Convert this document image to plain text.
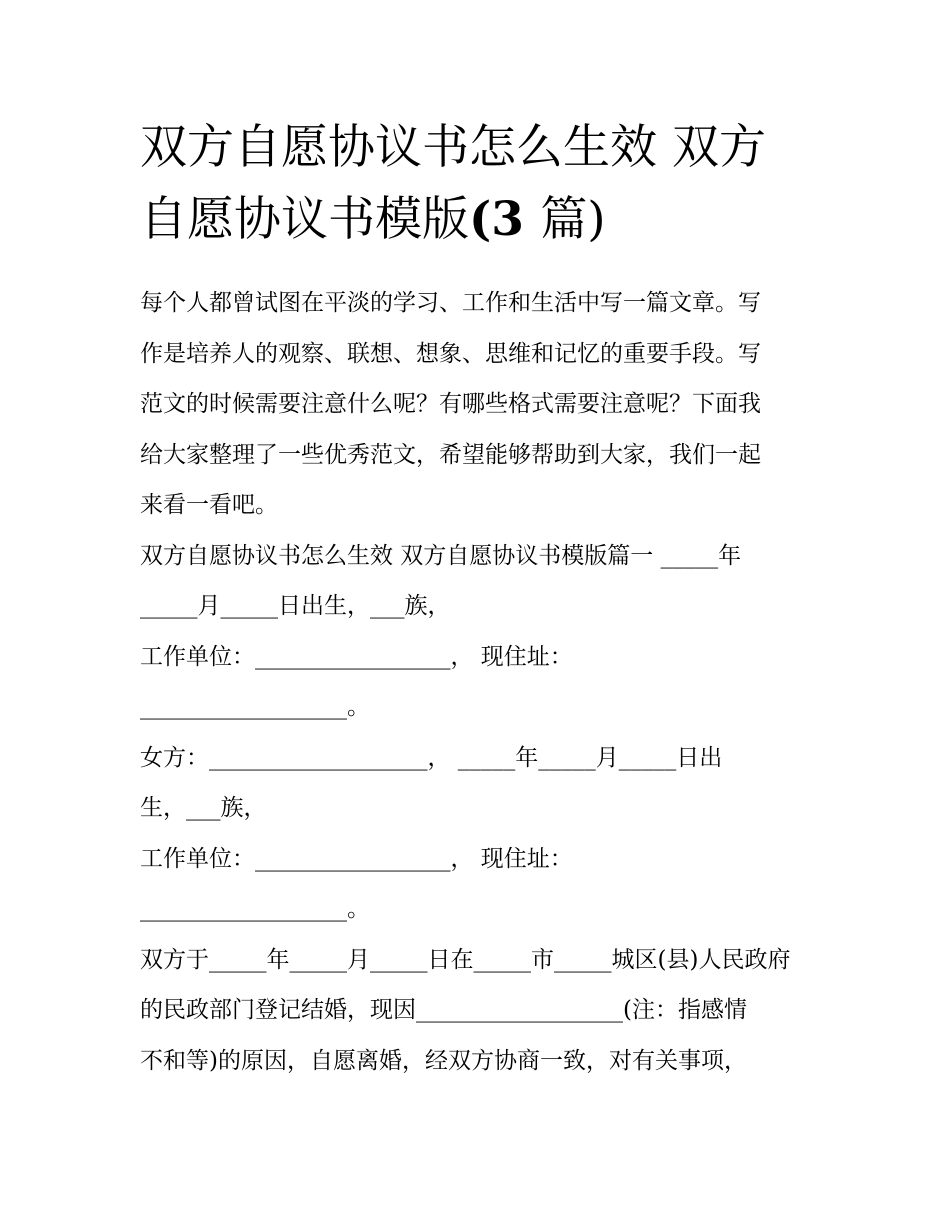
双方自愿协议书怎么生效 双方
自愿协议书模版(3 篇)
每个人都曾试图在平淡的学习、工作和生活中写一篇文章。写
作是培养人的观察、联想、想象、思维和记忆的重要手段。写
范文的时候需要注意什么呢？有哪些格式需要注意呢？下面我
给大家整理了一些优秀范文，希望能够帮助到大家，我们一起
来看一看吧。
双方自愿协议书怎么生效 双方自愿协议书模版篇一 _____年
_____月_____日出生，___族，
工作单位：_________________， 现住址：
__________________。
女方：___________________， _____年_____月_____日出
生，___族，
工作单位：_________________， 现住址：
__________________。
双方于_____年_____月_____日在_____市_____城区(县)人民政府
的民政部门登记结婚，现因__________________(注：指感情
不和等)的原因，自愿离婚，经双方协商一致，对有关事项，
